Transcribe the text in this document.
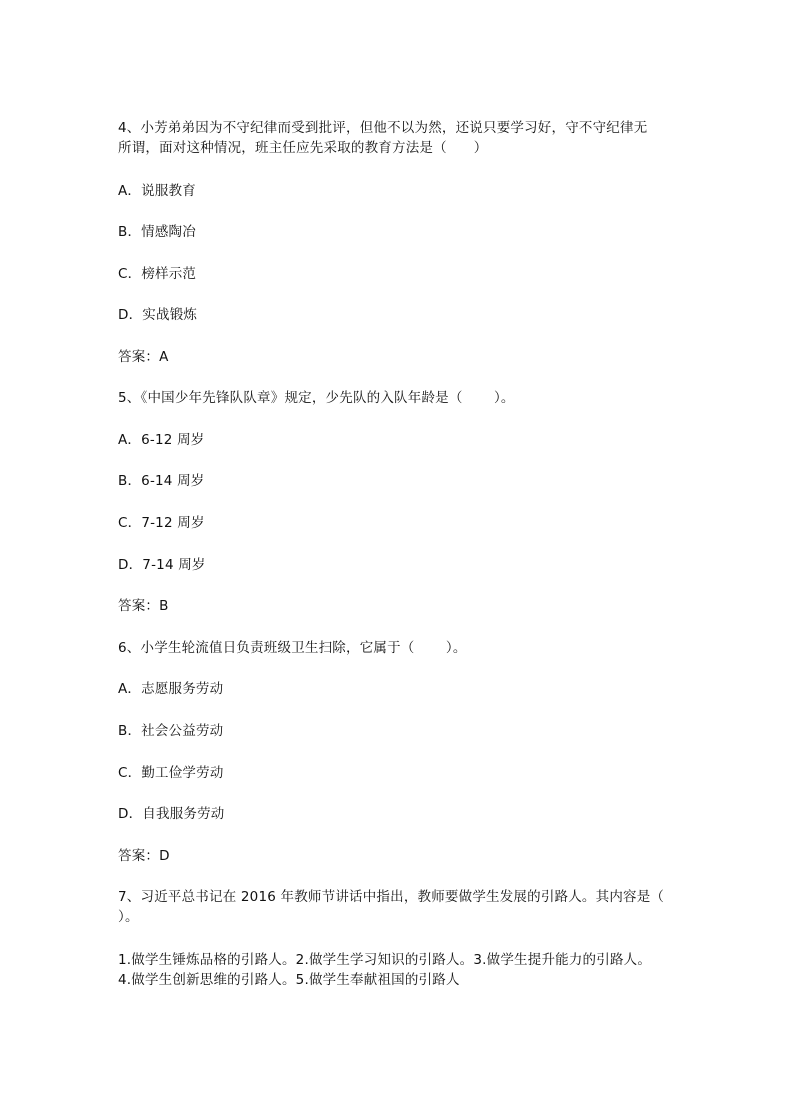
4、小芳弟弟因为不守纪律而受到批评，但他不以为然，还说只要学习好，守不守纪律无
所谓，面对这种情况，班主任应先采取的教育方法是（      ）
A．说服教育
B．情感陶冶
C．榜样示范
D．实战锻炼
答案：A
5、《中国少年先锋队队章》规定，少先队的入队年龄是（       ）。
A．6-12 周岁
B．6-14 周岁
C．7-12 周岁
D．7-14 周岁
答案：B
6、小学生轮流值日负责班级卫生扫除，它属于（       ）。
A．志愿服务劳动
B．社会公益劳动
C．勤工俭学劳动
D．自我服务劳动
答案：D
7、习近平总书记在 2016 年教师节讲话中指出，教师要做学生发展的引路人。其内容是（
）。
1.做学生锤炼品格的引路人。2.做学生学习知识的引路人。3.做学生提升能力的引路人。
4.做学生创新思维的引路人。5.做学生奉献祖国的引路人
